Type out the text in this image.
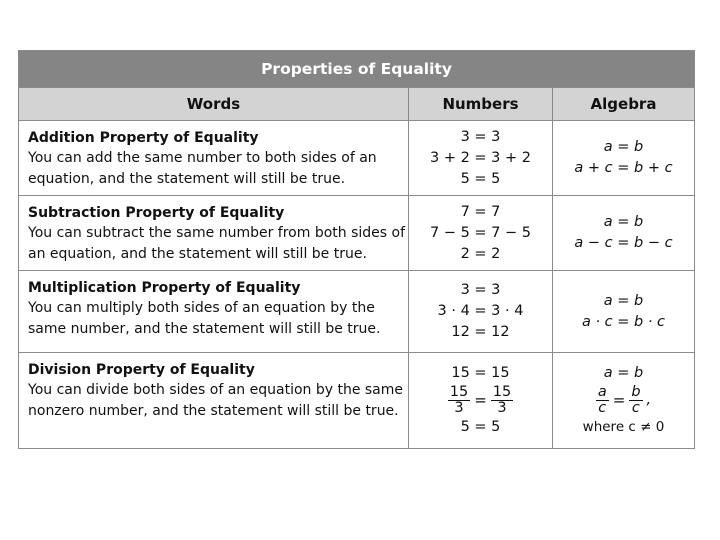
Properties of Equality
Words	Numbers	Algebra
Addition Property of Equality
You can add the same number to both sides of an equation, and the statement will still be true.
3 = 3
3 + 2 = 3 + 2
5 = 5
a = b
a + c = b + c
Subtraction Property of Equality
You can subtract the same number from both sides of an equation, and the statement will still be true.
7 = 7
7 − 5 = 7 − 5
2 = 2
a = b
a − c = b − c
Multiplication Property of Equality
You can multiply both sides of an equation by the same number, and the statement will still be true.
3 = 3
3 · 4 = 3 · 4
12 = 12
a = b
a · c = b · c
Division Property of Equality
You can divide both sides of an equation by the same nonzero number, and the statement will still be true.
15 = 15
$\frac{15}{3} = \frac{15}{3}$
5 = 5
a = b
$\frac{a}{c} = \frac{b}{c}$ ,
where c ≠ 0
